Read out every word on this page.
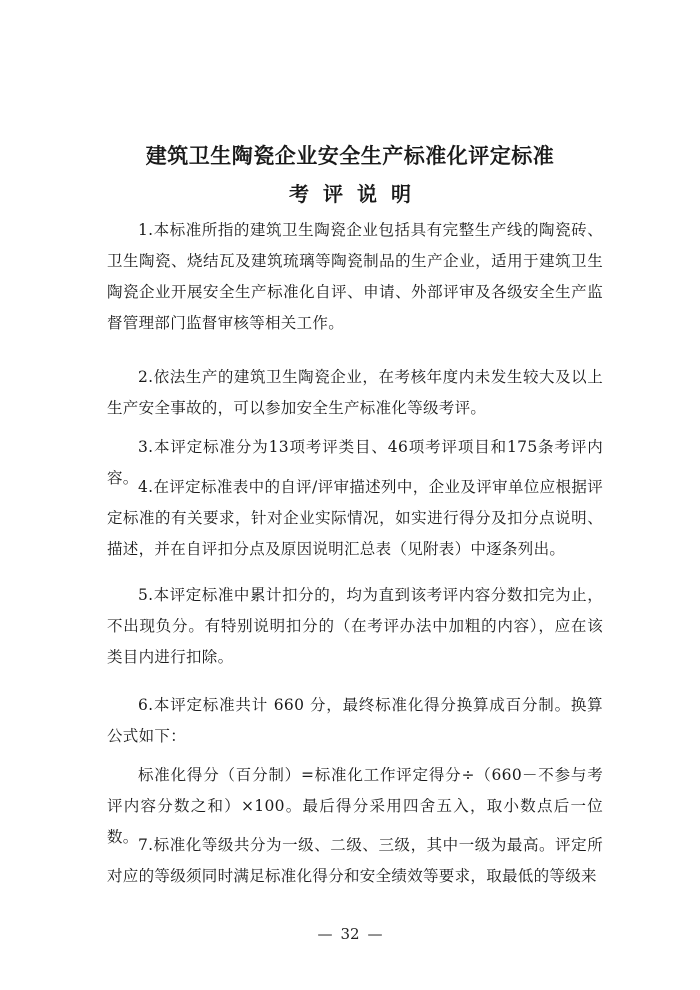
建筑卫生陶瓷企业安全生产标准化评定标准
考评说明

1.本标准所指的建筑卫生陶瓷企业包括具有完整生产线的陶瓷砖、卫生陶瓷、烧结瓦及建筑琉璃等陶瓷制品的生产企业，适用于建筑卫生陶瓷企业开展安全生产标准化自评、申请、外部评审及各级安全生产监督管理部门监督审核等相关工作。

2.依法生产的建筑卫生陶瓷企业，在考核年度内未发生较大及以上生产安全事故的，可以参加安全生产标准化等级考评。

3.本评定标准分为13项考评类目、46项考评项目和175条考评内容。 4.在评定标准表中的自评/评审描述列中，企业及评审单位应根据评定标准的有关要求，针对企业实际情况，如实进行得分及扣分点说明、描述，并在自评扣分点及原因说明汇总表（见附表）中逐条列出。

5.本评定标准中累计扣分的，均为直到该考评内容分数扣完为止，不出现负分。有特别说明扣分的（在考评办法中加粗的内容），应在该类目内进行扣除。

6.本评定标准共计 660 分，最终标准化得分换算成百分制。换算公式如下：

标准化得分（百分制）=标准化工作评定得分÷（660－不参与考评内容分数之和）×100。最后得分采用四舍五入，取小数点后一位数。 7.标准化等级共分为一级、二级、三级，其中一级为最高。评定所对应的等级须同时满足标准化得分和安全绩效等要求，取最低的等级来

— 32 —
